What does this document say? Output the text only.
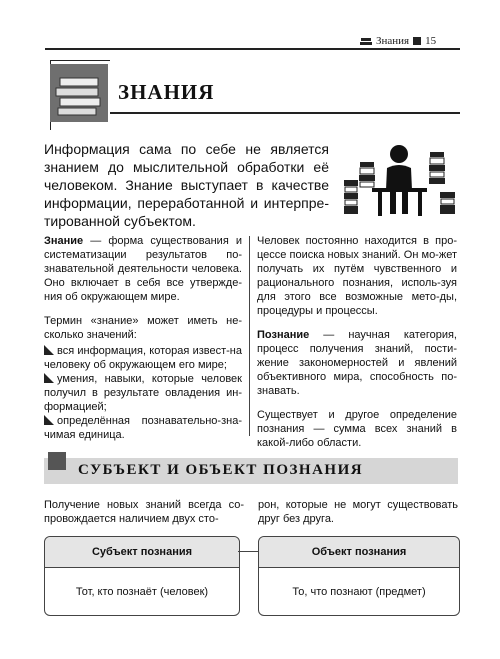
Знания 15
ЗНАНИЯ

Информация сама по себе не является знанием до мыслительной обработки её человеком. Знание выступает в качестве информации, переработанной и интерпре-тированной субъектом.

Знание — форма существования и систематизации результатов по-знавательной деятельности человека. Оно включает в себя все утвержде-ния об окружающем мире.

Термин «знание» может иметь не-сколько значений:

вся информация, которая извест-на человеку об окружающем его мире;
умения, навыки, которые человек получил в результате овладения ин-формацией;
определённая познавательно-зна-чимая единица.

Человек постоянно находится в про-цессе поиска новых знаний. Он мо-жет получать их путём чувственного и рационального познания, исполь-зуя для этого все возможные мето-ды, процедуры и процессы.

Познание — научная категория, процесс получения знаний, пости-жение закономерностей и явлений объективного мира, способность по-знавать.

Существует и другое определение познания — сумма всех знаний в какой-либо области.

СУБЪЕКТ И ОБЪЕКТ ПОЗНАНИЯ
Получение новых знаний всегда со-провождается наличием двух сто-
рон, которые не могут существовать друг без друга.
Субъект познания
Тот, кто познаёт (человек)
Объект познания
То, что познают (предмет)
